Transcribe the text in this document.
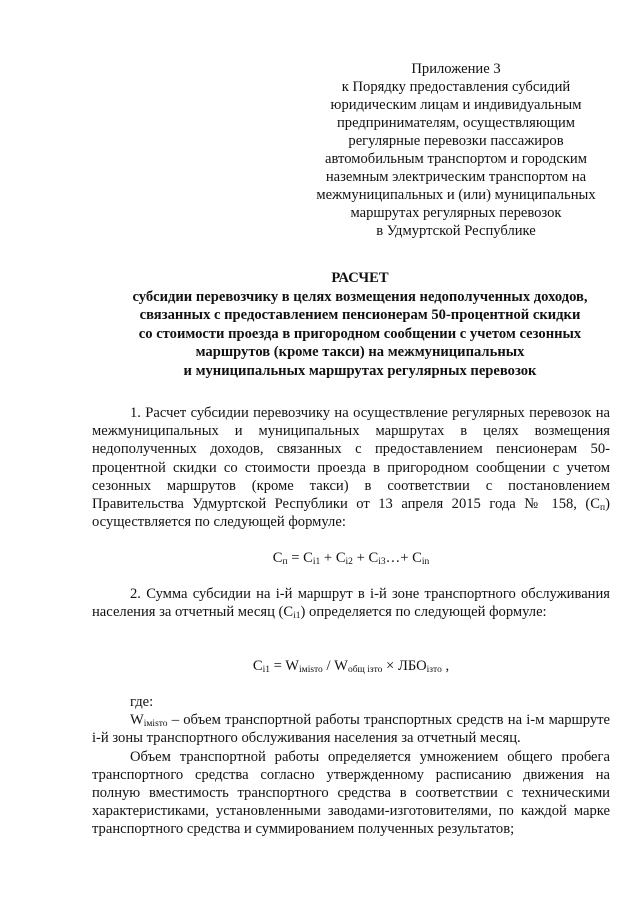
Приложение 3
к Порядку предоставления субсидий
юридическим лицам и индивидуальным
предпринимателям, осуществляющим
регулярные перевозки пассажиров
автомобильным транспортом и городским
наземным электрическим транспортом на
межмуниципальных и (или) муниципальных
маршрутах регулярных перевозок
в Удмуртской Республике
РАСЧЕТ
субсидии перевозчику в целях возмещения недополученных доходов,
связанных с предоставлением пенсионерам 50-процентной скидки
со стоимости проезда в пригородном сообщении с учетом сезонных
маршрутов (кроме такси) на межмуниципальных
и муниципальных маршрутах регулярных перевозок

1. Расчет субсидии перевозчику на осуществление регулярных перевозок на межмуниципальных и муниципальных маршрутах в целях возмещения недополученных доходов, связанных с предоставлением пенсионерам 50-процентной скидки со стоимости проезда в пригородном сообщении с учетом сезонных маршрутов (кроме такси) в соответствии с постановлением Правительства Удмуртской Республики от 13 апреля 2015 года № 158, $(С_п)$ осуществляется по следующей формуле:

$С_п = С_{i1} + С_{i2}$ + $С_{i3}\dots+ С_{in}$

2. Сумма субсидии на i-й маршрут в i-й зоне транспортного обслуживания населения за отчетный месяц $(С_{i1})$ определяется по следующей формуле:

$С_{i1} = W_{iміsто} / W_{общ iзто} \times ЛБО_{iзто}$ ,

где:

$W_{iміsто}$ – объем транспортной работы транспортных средств на i-м маршруте i-й зоны транспортного обслуживания населения за отчетный месяц.

Объем транспортной работы определяется умножением общего пробега транспортного средства согласно утвержденному расписанию движения на полную вместимость транспортного средства в соответствии с техническими характеристиками, установленными заводами-изготовителями, по каждой марке транспортного средства и суммированием полученных результатов;
